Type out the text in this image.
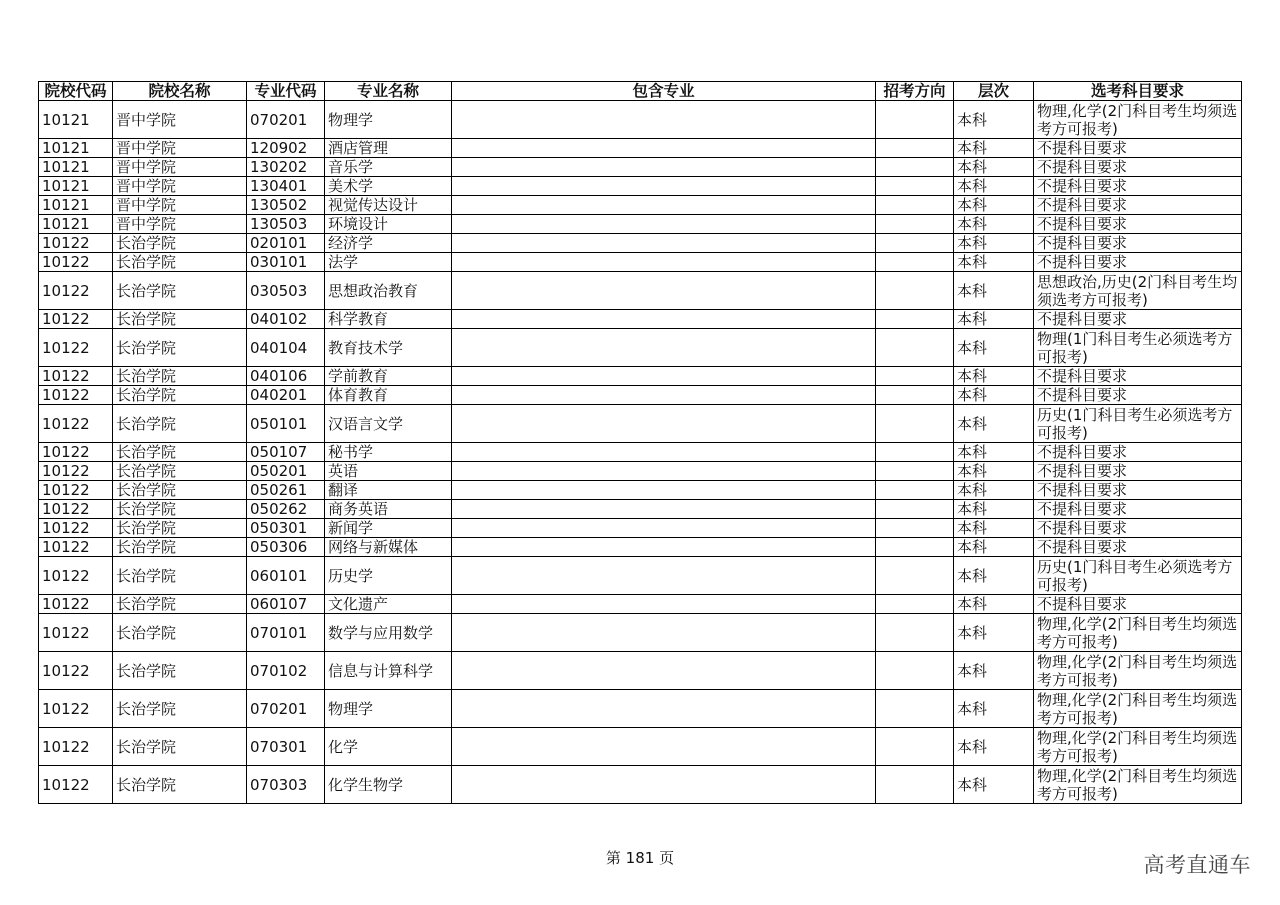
院校代码	院校名称	专业代码	专业名称	包含专业	招考方向	层次	选考科目要求
10121	晋中学院	070201	物理学			本科	物理,化学(2门科目考生均须选考方可报考)
10121	晋中学院	120902	酒店管理			本科	不提科目要求
10121	晋中学院	130202	音乐学			本科	不提科目要求
10121	晋中学院	130401	美术学			本科	不提科目要求
10121	晋中学院	130502	视觉传达设计			本科	不提科目要求
10121	晋中学院	130503	环境设计			本科	不提科目要求
10122	长治学院	020101	经济学			本科	不提科目要求
10122	长治学院	030101	法学			本科	不提科目要求
10122	长治学院	030503	思想政治教育			本科	思想政治,历史(2门科目考生均须选考方可报考)
10122	长治学院	040102	科学教育			本科	不提科目要求
10122	长治学院	040104	教育技术学			本科	物理(1门科目考生必须选考方可报考)
10122	长治学院	040106	学前教育			本科	不提科目要求
10122	长治学院	040201	体育教育			本科	不提科目要求
10122	长治学院	050101	汉语言文学			本科	历史(1门科目考生必须选考方可报考)
10122	长治学院	050107	秘书学			本科	不提科目要求
10122	长治学院	050201	英语			本科	不提科目要求
10122	长治学院	050261	翻译			本科	不提科目要求
10122	长治学院	050262	商务英语			本科	不提科目要求
10122	长治学院	050301	新闻学			本科	不提科目要求
10122	长治学院	050306	网络与新媒体			本科	不提科目要求
10122	长治学院	060101	历史学			本科	历史(1门科目考生必须选考方可报考)
10122	长治学院	060107	文化遗产			本科	不提科目要求
10122	长治学院	070101	数学与应用数学			本科	物理,化学(2门科目考生均须选考方可报考)
10122	长治学院	070102	信息与计算科学			本科	物理,化学(2门科目考生均须选考方可报考)
10122	长治学院	070201	物理学			本科	物理,化学(2门科目考生均须选考方可报考)
10122	长治学院	070301	化学			本科	物理,化学(2门科目考生均须选考方可报考)
10122	长治学院	070303	化学生物学			本科	物理,化学(2门科目考生均须选考方可报考)
第 181 页	高考直通车
